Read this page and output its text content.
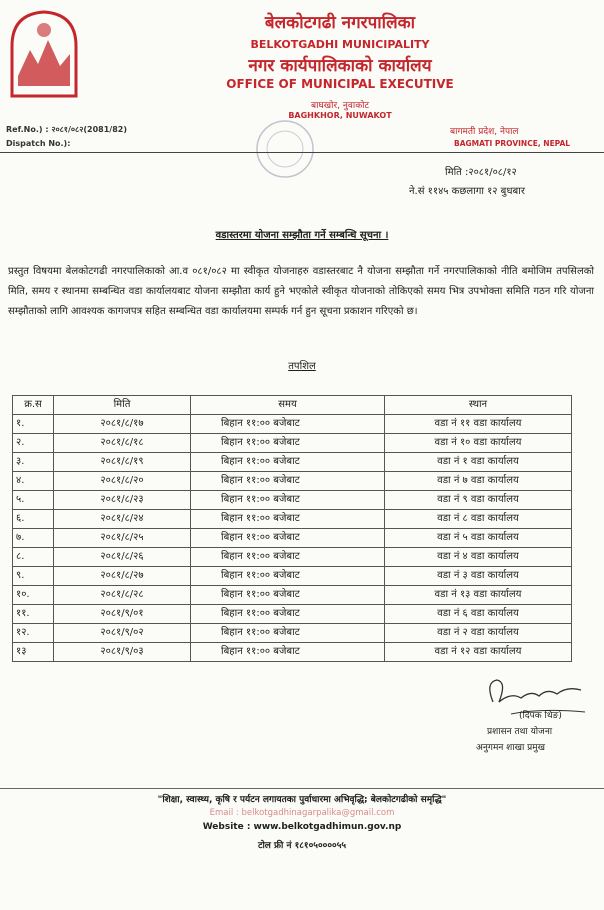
बेलकोटगढी नगरपालिका
BELKOTGADHI MUNICIPALITY
नगर कार्यपालिकाको कार्यालय
OFFICE OF MUNICIPAL EXECUTIVE
बाघखोर, नुवाकोट
BAGHKHOR, NUWAKOT
Ref.No.) : २०८१/०८२(2081/82)
Dispatch No.):
बागमती प्रदेश, नेपाल
BAGMATI PROVINCE, NEPAL
मिति :२०८१/०८/१२
ने.सं ११४५ कछलागा १२ बुधबार
वडास्तरमा योजना सम्झौता गर्ने सम्बन्धि सूचना ।
प्रस्तुत विषयमा बेलकोटगढी नगरपालिकाको आ.व ०८१/०८२ मा स्वीकृत योजनाहरु वडास्तरबाट नै योजना सम्झौता गर्ने नगरपालिकाको नीति बमोजिम तपसिलको मिति, समय र स्थानमा सम्बन्धित वडा कार्यालयबाट योजना सम्झौता कार्य हुने भएकोले स्वीकृत योजनाको तोकिएको समय भित्र उपभोक्ता समिति गठन गरि योजना सम्झौताको लागि आवश्यक कागजपत्र सहित सम्बन्धित वडा कार्यालयमा सम्पर्क गर्न हुन सूचना प्रकाशन गरिएको छ।
तपशिल
क्र.स	मिति	समय	स्थान
१.	२०८१/८/१७	बिहान ११:०० बजेबाट	वडा नं ११ वडा कार्यालय
२.	२०८१/८/१८	बिहान ११:०० बजेबाट	वडा नं १० वडा कार्यालय
३.	२०८१/८/१९	बिहान ११:०० बजेबाट	वडा नं १ वडा कार्यालय
४.	२०८१/८/२०	बिहान ११:०० बजेबाट	वडा नं ७ वडा कार्यालय
५.	२०८१/८/२३	बिहान ११:०० बजेबाट	वडा नं ९ वडा कार्यालय
६.	२०८१/८/२४	बिहान ११:०० बजेबाट	वडा नं ८ वडा कार्यालय
७.	२०८१/८/२५	बिहान ११:०० बजेबाट	वडा नं ५ वडा कार्यालय
८.	२०८१/८/२६	बिहान ११:०० बजेबाट	वडा नं ४ वडा कार्यालय
९.	२०८१/८/२७	बिहान ११:०० बजेबाट	वडा नं ३ वडा कार्यालय
१०.	२०८१/८/२८	बिहान ११:०० बजेबाट	वडा नं १३ वडा कार्यालय
११.	२०८१/९/०१	बिहान ११:०० बजेबाट	वडा नं ६ वडा कार्यालय
१२.	२०८१/९/०२	बिहान ११:०० बजेबाट	वडा नं २ वडा कार्यालय
१३	२०८१/९/०३	बिहान ११:०० बजेबाट	वडा नं १२ वडा कार्यालय
(दिपक थिङ)
प्रशासन तथा योजना
अनुगमन शाखा प्रमुख
"शिक्षा, स्वास्थ्य, कृषि र पर्यटन लगायतका पुर्वाधारमा अभिवृद्धि; बेलकोटगढीको समृद्धि"
Email : belkotgadhinagarpalika@gmail.com
Website : www.belkotgadhimun.gov.np
टोल फ्री नं १८१०५००००५५
